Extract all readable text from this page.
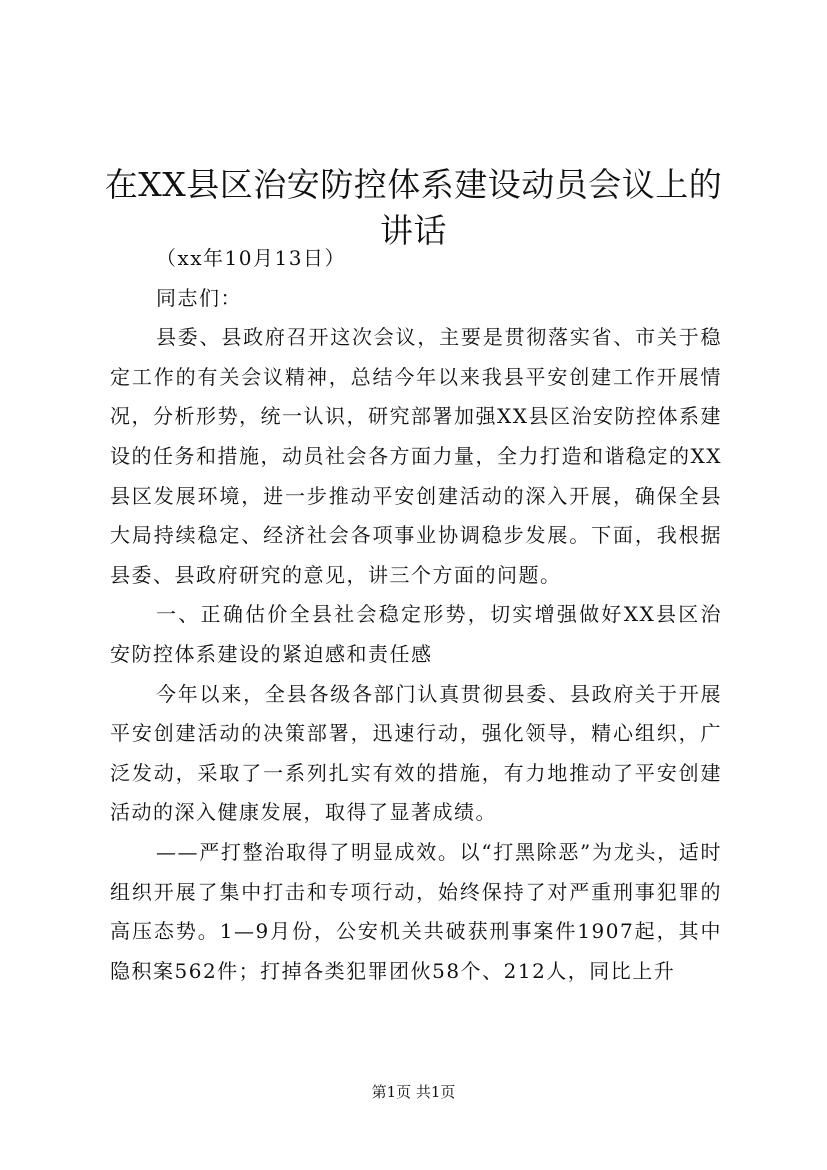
在XX县区治安防控体系建设动员会议上的讲话

（xx年10月13日）

同志们：

县委、县政府召开这次会议，主要是贯彻落实省、市关于稳定工作的有关会议精神，总结今年以来我县平安创建工作开展情况，分析形势，统一认识，研究部署加强XX县区治安防控体系建设的任务和措施，动员社会各方面力量，全力打造和谐稳定的XX县区发展环境，进一步推动平安创建活动的深入开展，确保全县大局持续稳定、经济社会各项事业协调稳步发展。下面，我根据县委、县政府研究的意见，讲三个方面的问题。

一、正确估价全县社会稳定形势，切实增强做好XX县区治安防控体系建设的紧迫感和责任感

今年以来，全县各级各部门认真贯彻县委、县政府关于开展平安创建活动的决策部署，迅速行动，强化领导，精心组织，广泛发动，采取了一系列扎实有效的措施，有力地推动了平安创建活动的深入健康发展，取得了显著成绩。

——严打整治取得了明显成效。以“打黑除恶”为龙头，适时组织开展了集中打击和专项行动，始终保持了对严重刑事犯罪的高压态势。1—9月份，公安机关共破获刑事案件1907起，其中隐积案562件；打掉各类犯罪团伙58个、212人，同比上升

第1页 共1页
